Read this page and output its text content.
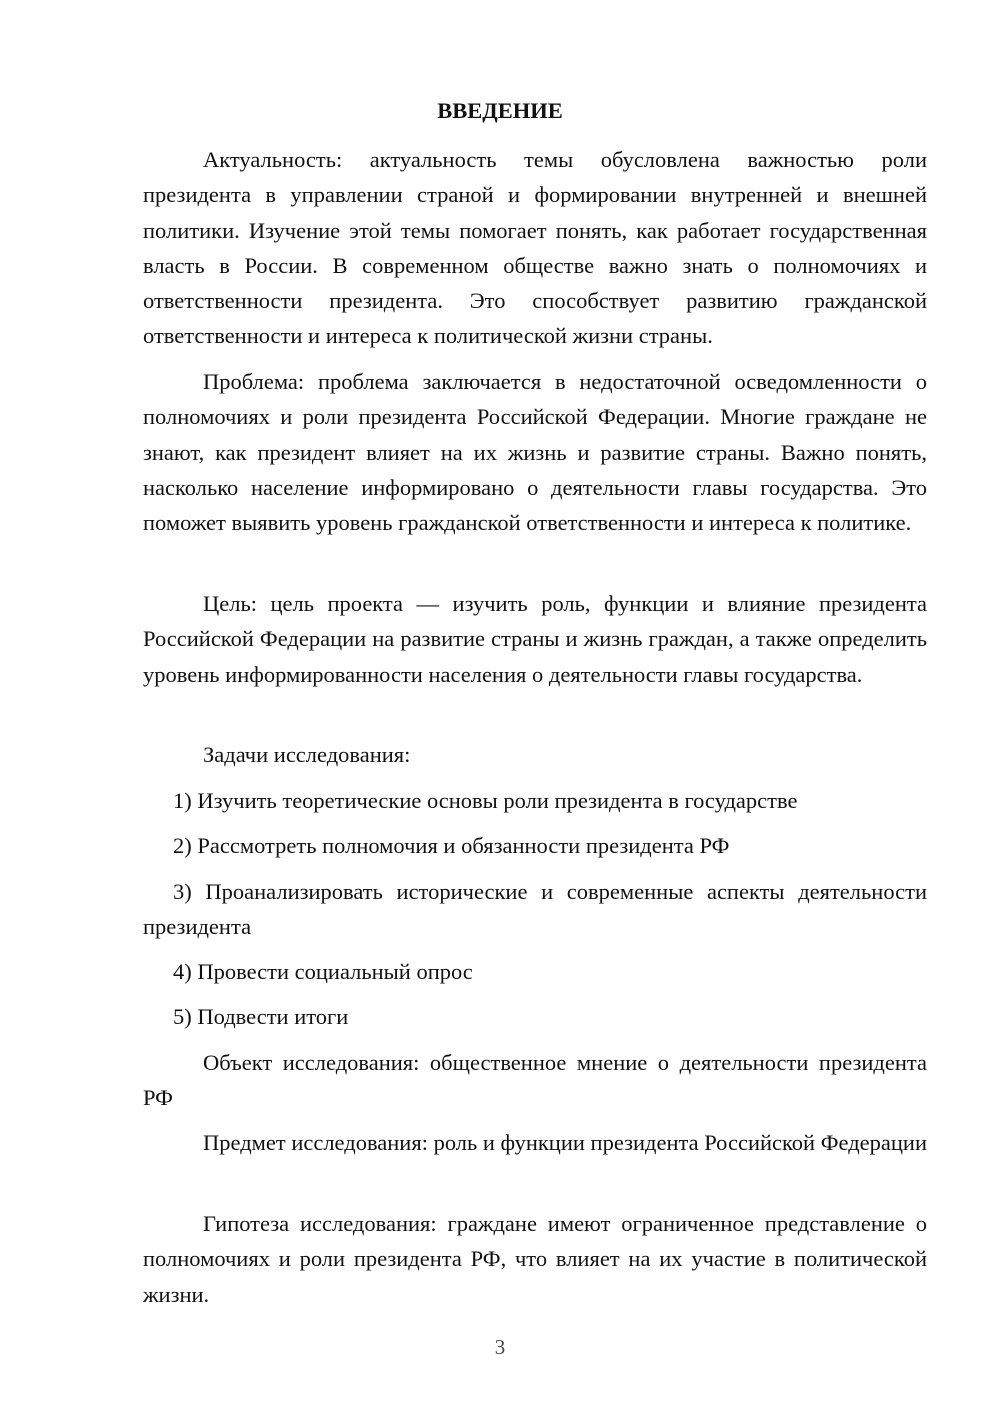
ВВЕДЕНИЕ

Актуальность: актуальность темы обусловлена важностью роли президента в управлении страной и формировании внутренней и внешней политики. Изучение этой темы помогает понять, как работает государственная власть в России. В современном обществе важно знать о полномочиях и ответственности президента. Это способствует развитию гражданской ответственности и интереса к политической жизни страны.

Проблема: проблема заключается в недостаточной осведомленности о полномочиях и роли президента Российской Федерации. Многие граждане не знают, как президент влияет на их жизнь и развитие страны. Важно понять, насколько население информировано о деятельности главы государства. Это поможет выявить уровень гражданской ответственности и интереса к политике.

Цель: цель проекта — изучить роль, функции и влияние президента Российской Федерации на развитие страны и жизнь граждан, а также определить уровень информированности населения о деятельности главы государства.

Задачи исследования:

1) Изучить теоретические основы роли президента в государстве

2) Рассмотреть полномочия и обязанности президента РФ

3) Проанализировать исторические и современные аспекты деятельности президента

4) Провести социальный опрос

5) Подвести итоги

Объект исследования: общественное мнение о деятельности президента РФ

Предмет исследования: роль и функции президента Российской Федерации

Гипотеза исследования: граждане имеют ограниченное представление о полномочиях и роли президента РФ, что влияет на их участие в политической жизни.

3
